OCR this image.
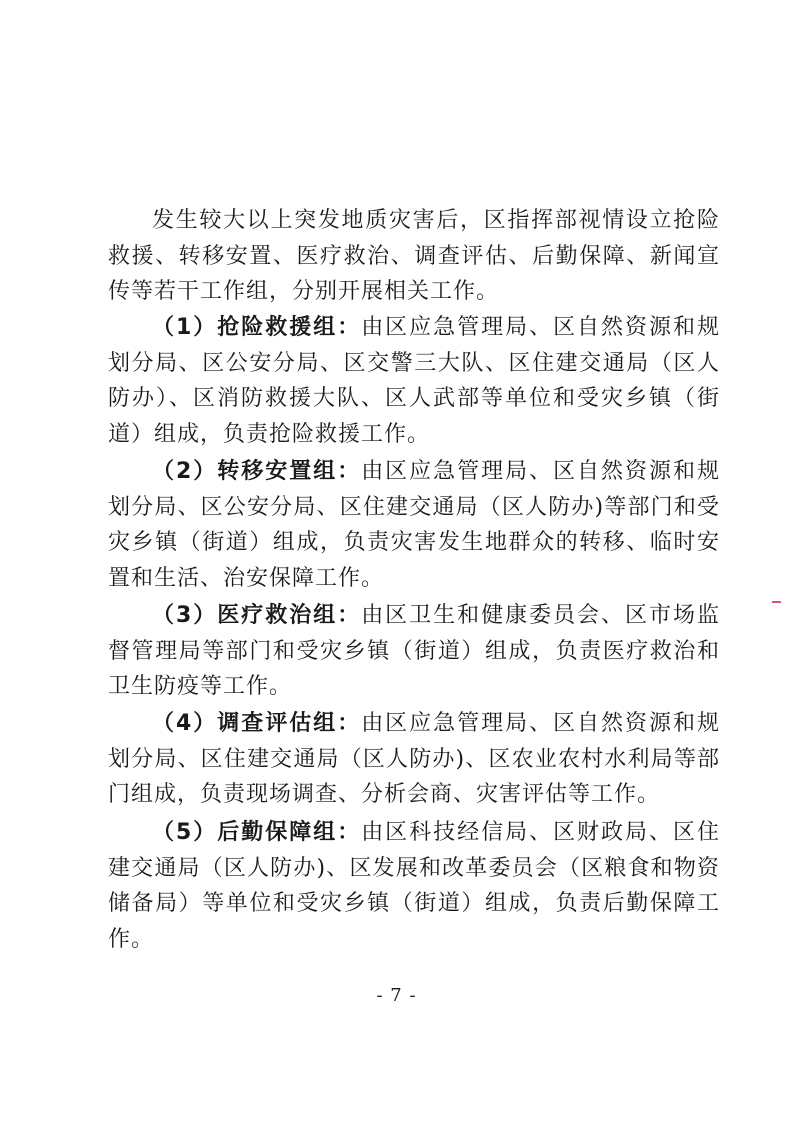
发生较大以上突发地质灾害后，区指挥部视情设立抢险救援、转移安置、医疗救治、调查评估、后勤保障、新闻宣传等若干工作组，分别开展相关工作。

（1）抢险救援组：由区应急管理局、区自然资源和规划分局、区公安分局、区交警三大队、区住建交通局（区人防办）、区消防救援大队、区人武部等单位和受灾乡镇（街道）组成，负责抢险救援工作。

（2）转移安置组：由区应急管理局、区自然资源和规划分局、区公安分局、区住建交通局（区人防办)等部门和受灾乡镇（街道）组成，负责灾害发生地群众的转移、临时安置和生活、治安保障工作。

（3）医疗救治组：由区卫生和健康委员会、区市场监督管理局等部门和受灾乡镇（街道）组成，负责医疗救治和卫生防疫等工作。

（4）调查评估组：由区应急管理局、区自然资源和规划分局、区住建交通局（区人防办)、区农业农村水利局等部门组成，负责现场调查、分析会商、灾害评估等工作。

（5）后勤保障组：由区科技经信局、区财政局、区住建交通局（区人防办)、区发展和改革委员会（区粮食和物资储备局）等单位和受灾乡镇（街道）组成，负责后勤保障工作。

- 7 -
